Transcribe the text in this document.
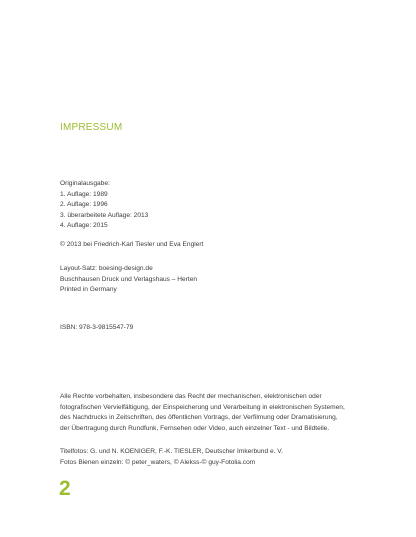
IMPRESSUM
Originalausgabe:
1. Auflage: 1989
2. Auflage: 1996
3. überarbeitete Auflage: 2013
4. Auflage: 2015
© 2013 bei Friedrich-Karl Tiesler und Eva Englert
Layout-Satz: boesing-design.de
Buschhausen Druck und Verlagshaus – Herten
Printed in Germany
ISBN: 978-3-9815547-79
Alle Rechte vorbehalten, insbesondere das Recht der mechanischen, elektronischen oder
fotografischen Vervielfältigung, der Einspeicherung und Verarbeitung in elektronischen Systemen,
des Nachdrucks in Zeitschriften, des öffentlichen Vortrags, der Verfilmung oder Dramatisierung,
der Übertragung durch Rundfunk, Fernsehen oder Video, auch einzelner Text - und Bildteile.
Titelfotos: G. und N. KOENIGER, F.-K. TIESLER, Deutscher Imkerbund e. V.
Fotos Bienen einzeln: © peter_waters, © Alekss-© guy-Fotolia.com
2
